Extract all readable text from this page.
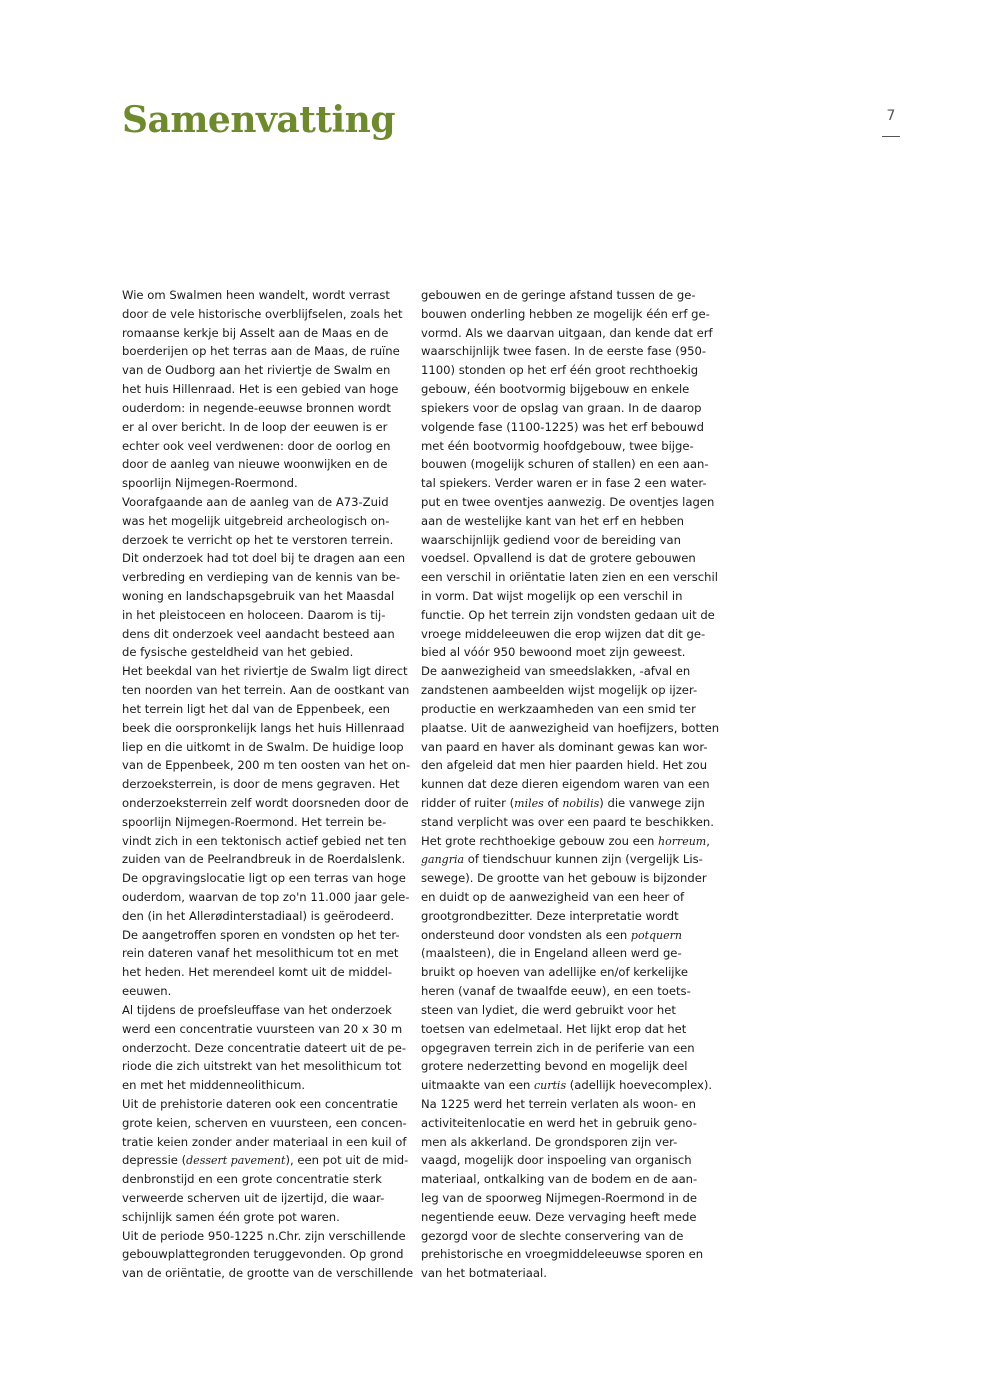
Samenvatting	7
Wie om Swalmen heen wandelt, wordt verrast
door de vele historische overblijfselen, zoals het
romaanse kerkje bij Asselt aan de Maas en de
boerderijen op het terras aan de Maas, de ruïne
van de Oudborg aan het riviertje de Swalm en
het huis Hillenraad. Het is een gebied van hoge
ouderdom: in negende-eeuwse bronnen wordt
er al over bericht. In de loop der eeuwen is er
echter ook veel verdwenen: door de oorlog en
door de aanleg van nieuwe woonwijken en de
spoorlijn Nijmegen-Roermond.
Voorafgaande aan de aanleg van de A73-Zuid
was het mogelijk uitgebreid archeologisch on-
derzoek te verricht op het te verstoren terrein.
Dit onderzoek had tot doel bij te dragen aan een
verbreding en verdieping van de kennis van be-
woning en landschapsgebruik van het Maasdal
in het pleistoceen en holoceen. Daarom is tij-
dens dit onderzoek veel aandacht besteed aan
de fysische gesteldheid van het gebied.
Het beekdal van het riviertje de Swalm ligt direct
ten noorden van het terrein. Aan de oostkant van
het terrein ligt het dal van de Eppenbeek, een
beek die oorspronkelijk langs het huis Hillenraad
liep en die uitkomt in de Swalm. De huidige loop
van de Eppenbeek, 200 m ten oosten van het on-
derzoeksterrein, is door de mens gegraven. Het
onderzoeksterrein zelf wordt doorsneden door de
spoorlijn Nijmegen-Roermond. Het terrein be-
vindt zich in een tektonisch actief gebied net ten
zuiden van de Peelrandbreuk in de Roerdalslenk.
De opgravingslocatie ligt op een terras van hoge
ouderdom, waarvan de top zo'n 11.000 jaar gele-
den (in het Allerødinterstadiaal) is geërodeerd.
De aangetroffen sporen en vondsten op het ter-
rein dateren vanaf het mesolithicum tot en met
het heden. Het merendeel komt uit de middel-
eeuwen.
Al tijdens de proefsleuffase van het onderzoek
werd een concentratie vuursteen van 20 x 30 m
onderzocht. Deze concentratie dateert uit de pe-
riode die zich uitstrekt van het mesolithicum tot
en met het middenneolithicum.
Uit de prehistorie dateren ook een concentratie
grote keien, scherven en vuursteen, een concen-
tratie keien zonder ander materiaal in een kuil of
depressie (dessert pavement), een pot uit de mid-
denbronstijd en een grote concentratie sterk
verweerde scherven uit de ijzertijd, die waar-
schijnlijk samen één grote pot waren.
Uit de periode 950-1225 n.Chr. zijn verschillende
gebouwplattegronden teruggevonden. Op grond
van de oriëntatie, de grootte van de verschillende
gebouwen en de geringe afstand tussen de ge-
bouwen onderling hebben ze mogelijk één erf ge-
vormd. Als we daarvan uitgaan, dan kende dat erf
waarschijnlijk twee fasen. In de eerste fase (950-
1100) stonden op het erf één groot rechthoekig
gebouw, één bootvormig bijgebouw en enkele
spiekers voor de opslag van graan. In de daarop
volgende fase (1100-1225) was het erf bebouwd
met één bootvormig hoofdgebouw, twee bijge-
bouwen (mogelijk schuren of stallen) en een aan-
tal spiekers. Verder waren er in fase 2 een water-
put en twee oventjes aanwezig. De oventjes lagen
aan de westelijke kant van het erf en hebben
waarschijnlijk gediend voor de bereiding van
voedsel. Opvallend is dat de grotere gebouwen
een verschil in oriëntatie laten zien en een verschil
in vorm. Dat wijst mogelijk op een verschil in
functie. Op het terrein zijn vondsten gedaan uit de
vroege middeleeuwen die erop wijzen dat dit ge-
bied al vóór 950 bewoond moet zijn geweest.
De aanwezigheid van smeedslakken, -afval en
zandstenen aambeelden wijst mogelijk op ijzer-
productie en werkzaamheden van een smid ter
plaatse. Uit de aanwezigheid van hoefijzers, botten
van paard en haver als dominant gewas kan wor-
den afgeleid dat men hier paarden hield. Het zou
kunnen dat deze dieren eigendom waren van een
ridder of ruiter (miles of nobilis) die vanwege zijn
stand verplicht was over een paard te beschikken.
Het grote rechthoekige gebouw zou een horreum,
gangria of tiendschuur kunnen zijn (vergelijk Lis-
sewege). De grootte van het gebouw is bijzonder
en duidt op de aanwezigheid van een heer of
grootgrondbezitter. Deze interpretatie wordt
ondersteund door vondsten als een potquern
(maalsteen), die in Engeland alleen werd ge-
bruikt op hoeven van adellijke en/of kerkelijke
heren (vanaf de twaalfde eeuw), en een toets-
steen van lydiet, die werd gebruikt voor het
toetsen van edelmetaal. Het lijkt erop dat het
opgegraven terrein zich in de periferie van een
grotere nederzetting bevond en mogelijk deel
uitmaakte van een curtis (adellijk hoevecomplex).
Na 1225 werd het terrein verlaten als woon- en
activiteitenlocatie en werd het in gebruik geno-
men als akkerland. De grondsporen zijn ver-
vaagd, mogelijk door inspoeling van organisch
materiaal, ontkalking van de bodem en de aan-
leg van de spoorweg Nijmegen-Roermond in de
negentiende eeuw. Deze vervaging heeft mede
gezorgd voor de slechte conservering van de
prehistorische en vroegmiddeleeuwse sporen en
van het botmateriaal.
